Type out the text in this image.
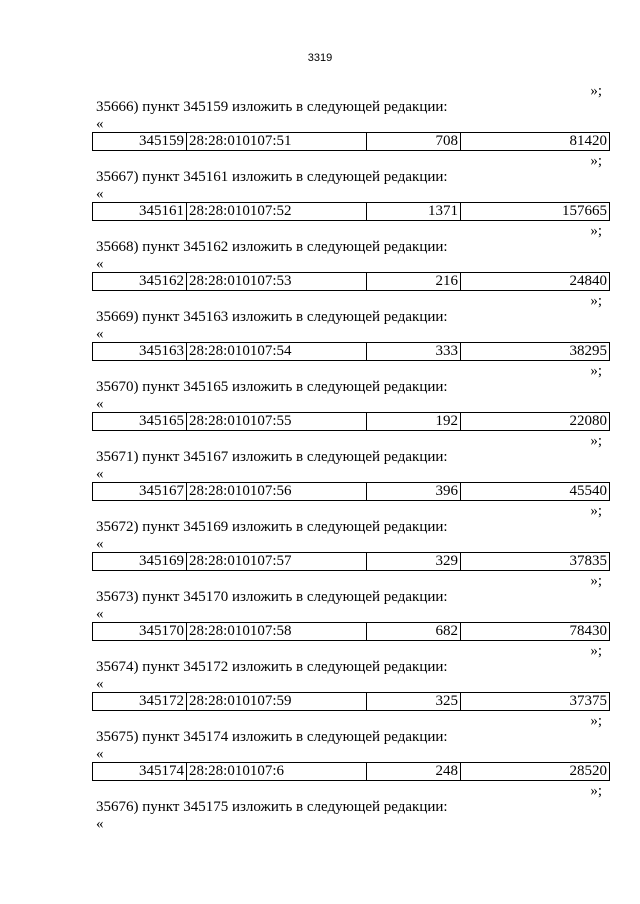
3319
»;
35666) пункт 345159 изложить в следующей редакции:
«
345159	28:28:010107:51	708	81420
»;
35667) пункт 345161 изложить в следующей редакции:
«
345161	28:28:010107:52	1371	157665
»;
35668) пункт 345162 изложить в следующей редакции:
«
345162	28:28:010107:53	216	24840
»;
35669) пункт 345163 изложить в следующей редакции:
«
345163	28:28:010107:54	333	38295
»;
35670) пункт 345165 изложить в следующей редакции:
«
345165	28:28:010107:55	192	22080
»;
35671) пункт 345167 изложить в следующей редакции:
«
345167	28:28:010107:56	396	45540
»;
35672) пункт 345169 изложить в следующей редакции:
«
345169	28:28:010107:57	329	37835
»;
35673) пункт 345170 изложить в следующей редакции:
«
345170	28:28:010107:58	682	78430
»;
35674) пункт 345172 изложить в следующей редакции:
«
345172	28:28:010107:59	325	37375
»;
35675) пункт 345174 изложить в следующей редакции:
«
345174	28:28:010107:6	248	28520
»;
35676) пункт 345175 изложить в следующей редакции:
«
